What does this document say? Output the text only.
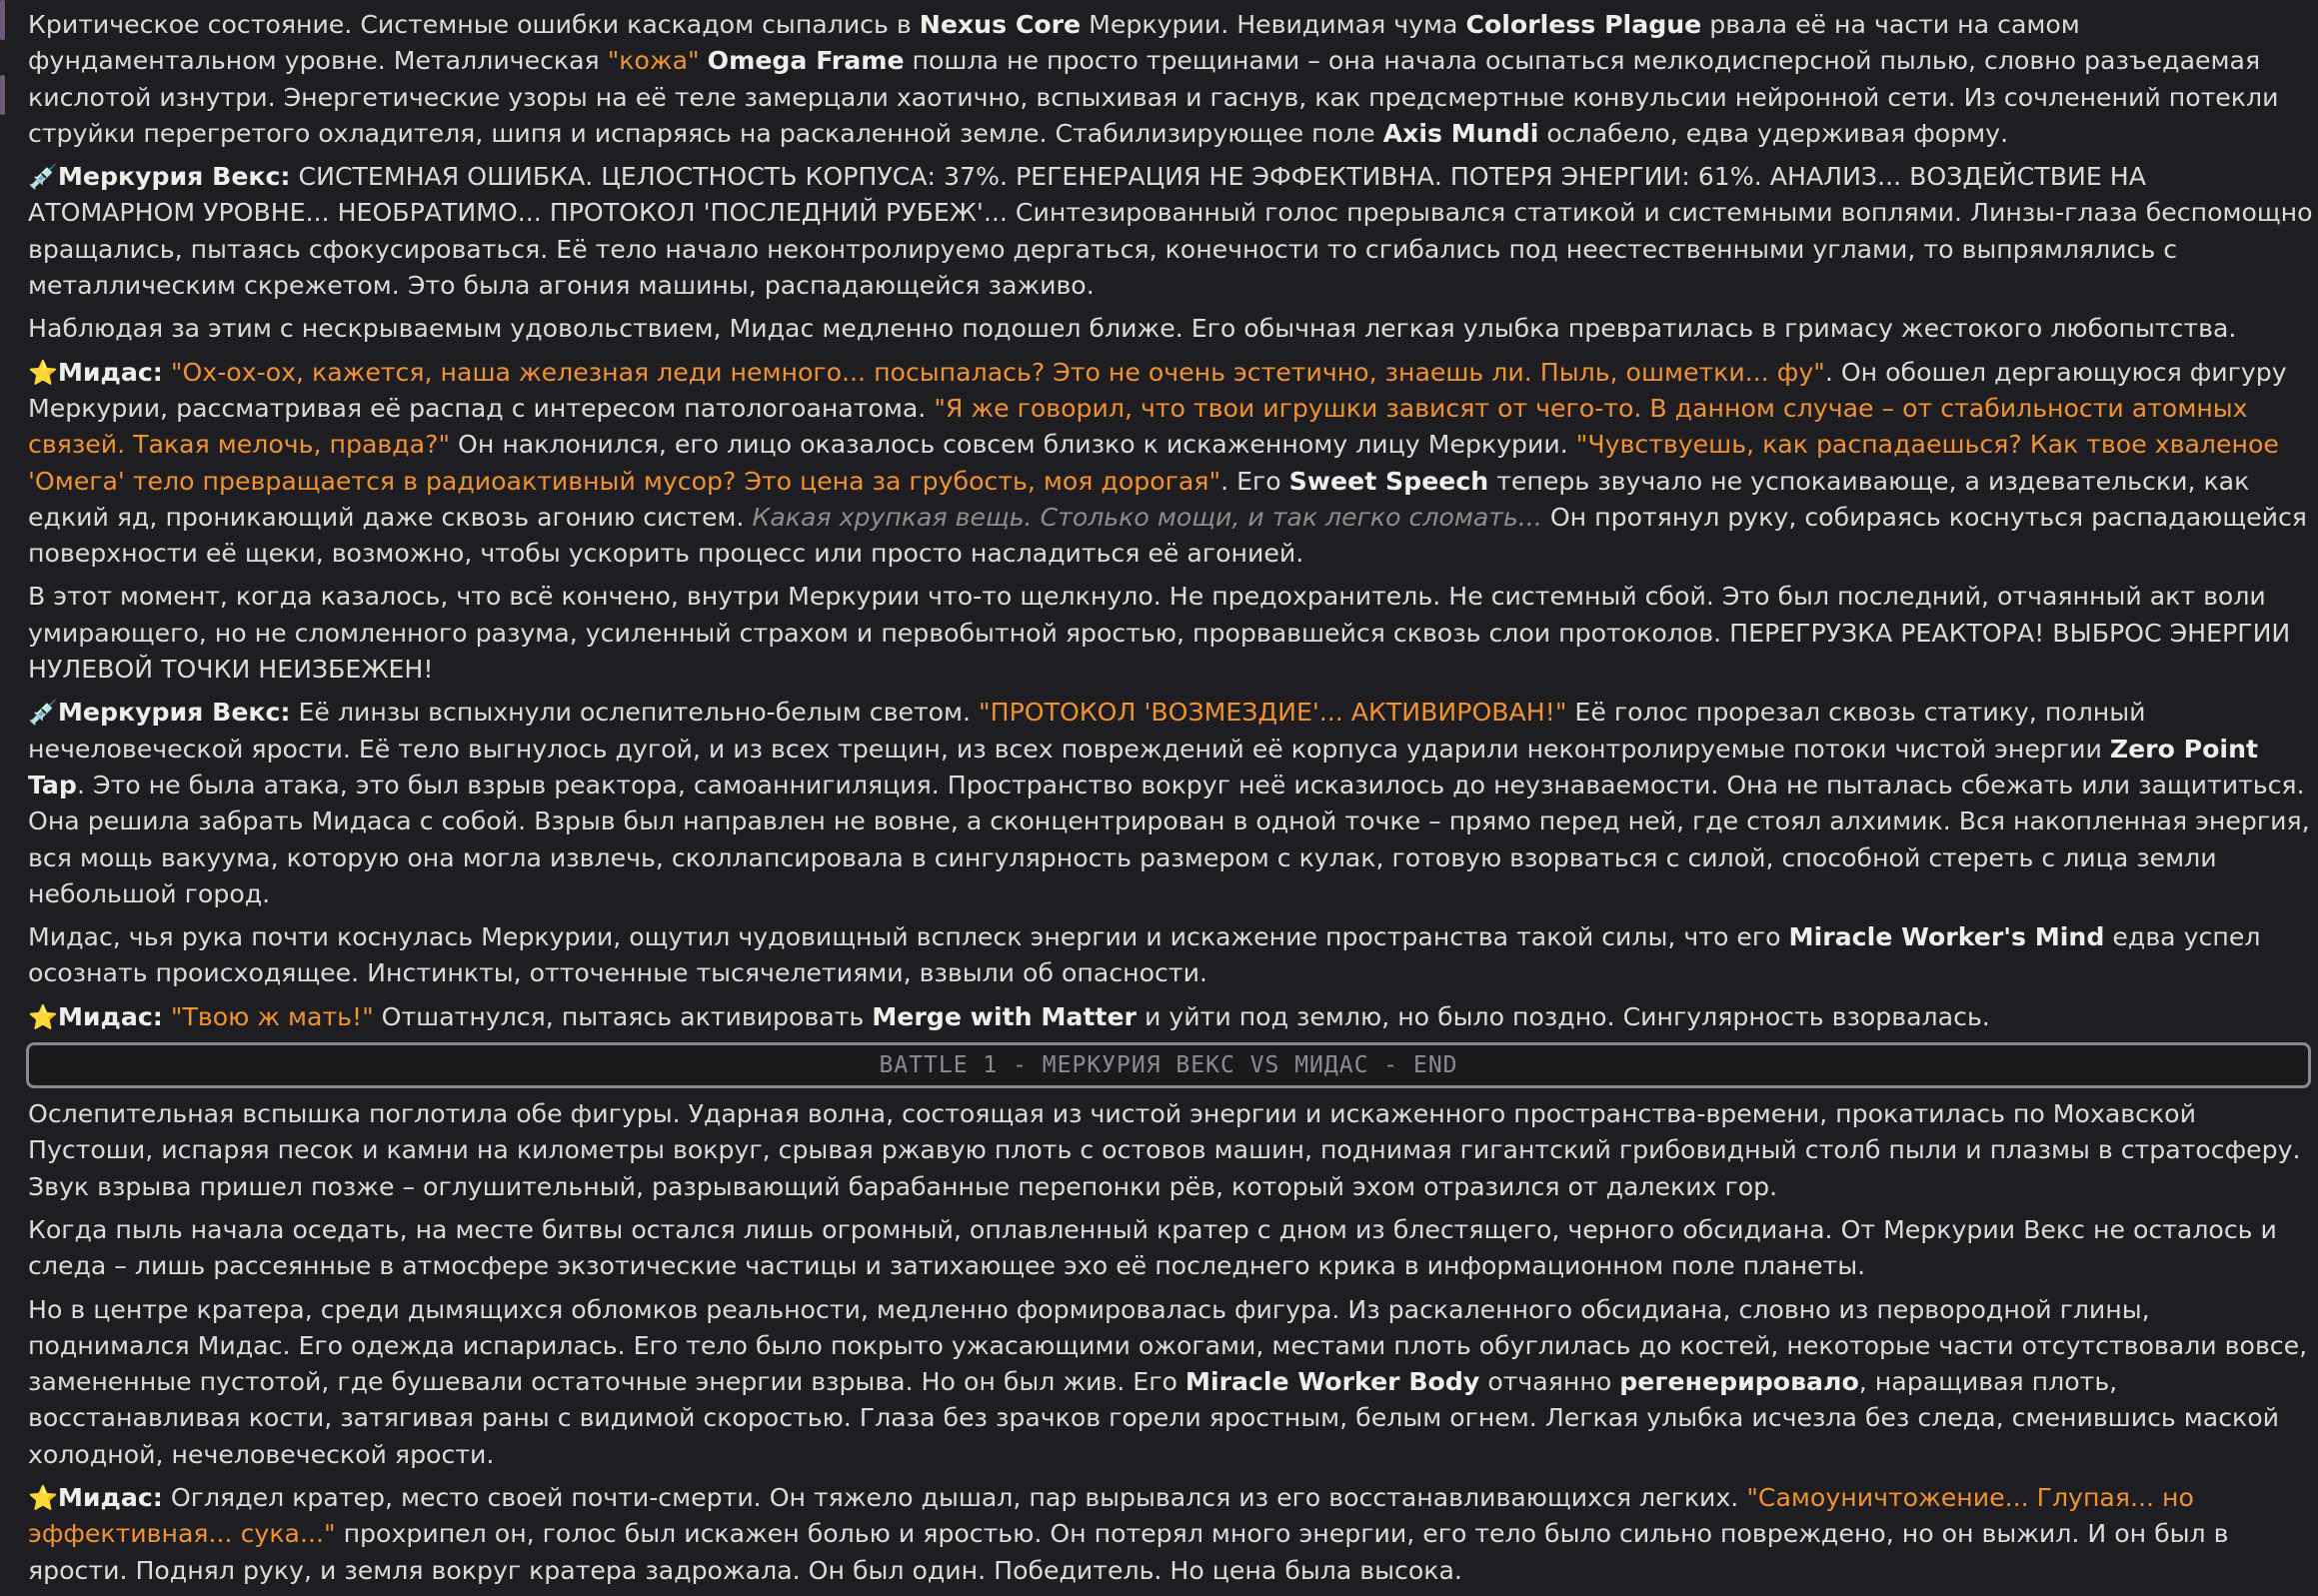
Критическое состояние. Системные ошибки каскадом сыпались в Nexus Core Меркурии. Невидимая чума Colorless Plague рвала её на части на самом фундаментальном уровне. Металлическая "кожа" Omega Frame пошла не просто трещинами – она начала осыпаться мелкодисперсной пылью, словно разъедаемая кислотой изнутри. Энергетические узоры на её теле замерцали хаотично, вспыхивая и гаснув, как предсмертные конвульсии нейронной сети. Из сочленений потекли струйки перегретого охладителя, шипя и испаряясь на раскаленной земле. Стабилизирующее поле Axis Mundi ослабело, едва удерживая форму.

💉Меркурия Векс: СИСТЕМНАЯ ОШИБКА. ЦЕЛОСТНОСТЬ КОРПУСА: 37%. РЕГЕНЕРАЦИЯ НЕ ЭФФЕКТИВНА. ПОТЕРЯ ЭНЕРГИИ: 61%. АНАЛИЗ... ВОЗДЕЙСТВИЕ НА АТОМАРНОМ УРОВНЕ... НЕОБРАТИМО... ПРОТОКОЛ 'ПОСЛЕДНИЙ РУБЕЖ'... Синтезированный голос прерывался статикой и системными воплями. Линзы-глаза беспомощно вращались, пытаясь сфокусироваться. Её тело начало неконтролируемо дергаться, конечности то сгибались под неестественными углами, то выпрямлялись с металлическим скрежетом. Это была агония машины, распадающейся заживо.

Наблюдая за этим с нескрываемым удовольствием, Мидас медленно подошел ближе. Его обычная легкая улыбка превратилась в гримасу жестокого любопытства.

⭐Мидас: "Ох-ох-ох, кажется, наша железная леди немного... посыпалась? Это не очень эстетично, знаешь ли. Пыль, ошметки... фу". Он обошел дергающуюся фигуру Меркурии, рассматривая её распад с интересом патологоанатома. "Я же говорил, что твои игрушки зависят от чего-то. В данном случае – от стабильности атомных связей. Такая мелочь, правда?" Он наклонился, его лицо оказалось совсем близко к искаженному лицу Меркурии. "Чувствуешь, как распадаешься? Как твое хваленое 'Омега' тело превращается в радиоактивный мусор? Это цена за грубость, моя дорогая". Его Sweet Speech теперь звучало не успокаивающе, а издевательски, как едкий яд, проникающий даже сквозь агонию систем. Какая хрупкая вещь. Столько мощи, и так легко сломать... Он протянул руку, собираясь коснуться распадающейся поверхности её щеки, возможно, чтобы ускорить процесс или просто насладиться её агонией.

В этот момент, когда казалось, что всё кончено, внутри Меркурии что-то щелкнуло. Не предохранитель. Не системный сбой. Это был последний, отчаянный акт воли умирающего, но не сломленного разума, усиленный страхом и первобытной яростью, прорвавшейся сквозь слои протоколов. ПЕРЕГРУЗКА РЕАКТОРА! ВЫБРОС ЭНЕРГИИ НУЛЕВОЙ ТОЧКИ НЕИЗБЕЖЕН!

💉Меркурия Векс: Её линзы вспыхнули ослепительно-белым светом. "ПРОТОКОЛ 'ВОЗМЕЗДИЕ'... АКТИВИРОВАН!" Её голос прорезал сквозь статику, полный нечеловеческой ярости. Её тело выгнулось дугой, и из всех трещин, из всех повреждений её корпуса ударили неконтролируемые потоки чистой энергии Zero Point Tap. Это не была атака, это был взрыв реактора, самоаннигиляция. Пространство вокруг неё исказилось до неузнаваемости. Она не пыталась сбежать или защититься. Она решила забрать Мидаса с собой. Взрыв был направлен не вовне, а сконцентрирован в одной точке – прямо перед ней, где стоял алхимик. Вся накопленная энергия, вся мощь вакуума, которую она могла извлечь, сколлапсировала в сингулярность размером с кулак, готовую взорваться с силой, способной стереть с лица земли небольшой город.

Мидас, чья рука почти коснулась Меркурии, ощутил чудовищный всплеск энергии и искажение пространства такой силы, что его Miracle Worker's Mind едва успел осознать происходящее. Инстинкты, отточенные тысячелетиями, взвыли об опасности.

⭐Мидас: "Твою ж мать!" Отшатнулся, пытаясь активировать Merge with Matter и уйти под землю, но было поздно. Сингулярность взорвалась.

BATTLE 1 - МЕРКУРИЯ ВЕКС VS МИДАС - END

Ослепительная вспышка поглотила обе фигуры. Ударная волна, состоящая из чистой энергии и искаженного пространства-времени, прокатилась по Мохавской Пустоши, испаряя песок и камни на километры вокруг, срывая ржавую плоть с остовов машин, поднимая гигантский грибовидный столб пыли и плазмы в стратосферу. Звук взрыва пришел позже – оглушительный, разрывающий барабанные перепонки рёв, который эхом отразился от далеких гор.

Когда пыль начала оседать, на месте битвы остался лишь огромный, оплавленный кратер с дном из блестящего, черного обсидиана. От Меркурии Векс не осталось и следа – лишь рассеянные в атмосфере экзотические частицы и затихающее эхо её последнего крика в информационном поле планеты.

Но в центре кратера, среди дымящихся обломков реальности, медленно формировалась фигура. Из раскаленного обсидиана, словно из первородной глины, поднимался Мидас. Его одежда испарилась. Его тело было покрыто ужасающими ожогами, местами плоть обуглилась до костей, некоторые части отсутствовали вовсе, замененные пустотой, где бушевали остаточные энергии взрыва. Но он был жив. Его Miracle Worker Body отчаянно регенерировало, наращивая плоть, восстанавливая кости, затягивая раны с видимой скоростью. Глаза без зрачков горели яростным, белым огнем. Легкая улыбка исчезла без следа, сменившись маской холодной, нечеловеческой ярости.

⭐Мидас: Оглядел кратер, место своей почти-смерти. Он тяжело дышал, пар вырывался из его восстанавливающихся легких. "Самоуничтожение... Глупая... но эффективная... сука..." прохрипел он, голос был искажен болью и яростью. Он потерял много энергии, его тело было сильно повреждено, но он выжил. И он был в ярости. Поднял руку, и земля вокруг кратера задрожала. Он был один. Победитель. Но цена была высока.
